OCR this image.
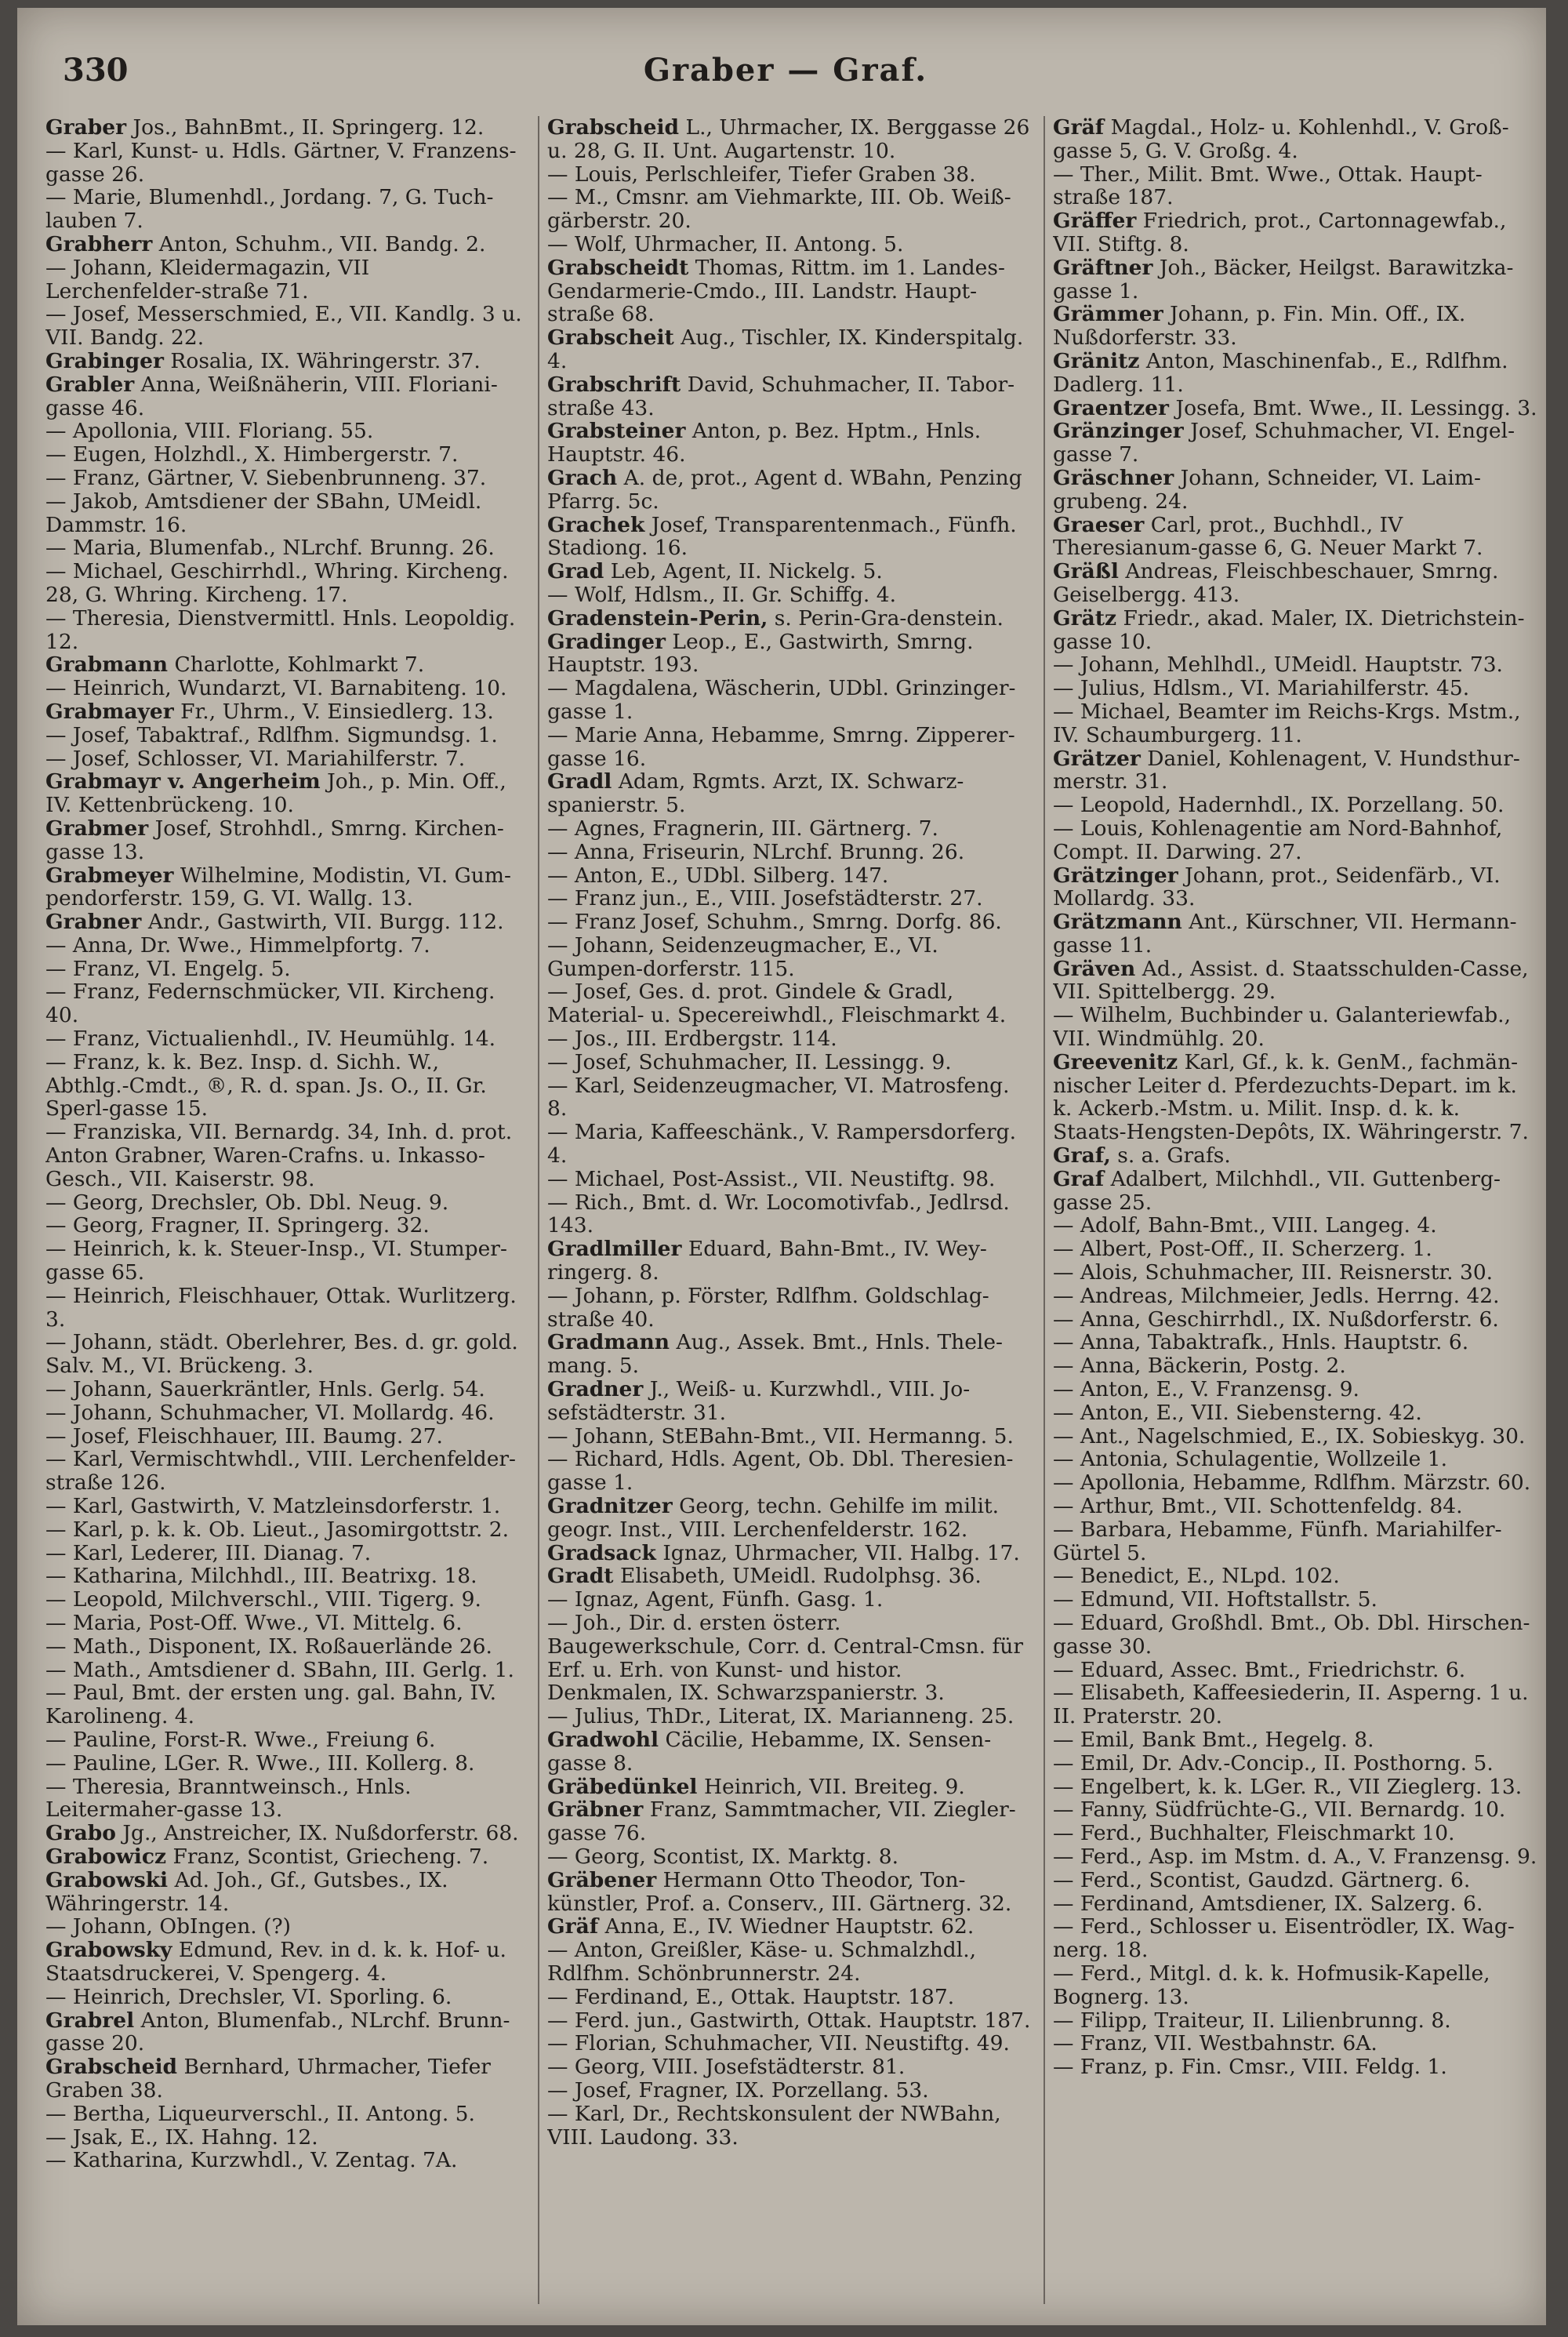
330	Graber — Graf.

Graber Jos., BahnBmt., II. Springerg. 12.

— Karl, Kunst- u. Hdls. Gärtner, V. Franzens-gasse 26.

— Marie, Blumenhdl., Jordang. 7, G. Tuch-lauben 7.

Grabherr Anton, Schuhm., VII. Bandg. 2.

— Johann, Kleidermagazin, VII Lerchenfelder-straße 71.

— Josef, Messerschmied, E., VII. Kandlg. 3 u. VII. Bandg. 22.

Grabinger Rosalia, IX. Währingerstr. 37.

Grabler Anna, Weißnäherin, VIII. Floriani-gasse 46.

— Apollonia, VIII. Floriang. 55.

— Eugen, Holzhdl., X. Himbergerstr. 7.

— Franz, Gärtner, V. Siebenbrunneng. 37.

— Jakob, Amtsdiener der SBahn, UMeidl. Dammstr. 16.

— Maria, Blumenfab., NLrchf. Brunng. 26.

— Michael, Geschirrhdl., Whring. Kircheng. 28, G. Whring. Kircheng. 17.

— Theresia, Dienstvermittl. Hnls. Leopoldig. 12.

Grabmann Charlotte, Kohlmarkt 7.

— Heinrich, Wundarzt, VI. Barnabiteng. 10.

Grabmayer Fr., Uhrm., V. Einsiedlerg. 13.

— Josef, Tabaktraf., Rdlfhm. Sigmundsg. 1.

— Josef, Schlosser, VI. Mariahilferstr. 7.

Grabmayr v. Angerheim Joh., p. Min. Off., IV. Kettenbrückeng. 10.

Grabmer Josef, Strohhdl., Smrng. Kirchen-gasse 13.

Grabmeyer Wilhelmine, Modistin, VI. Gum-pendorferstr. 159, G. VI. Wallg. 13.

Grabner Andr., Gastwirth, VII. Burgg. 112.

— Anna, Dr. Wwe., Himmelpfortg. 7.

— Franz, VI. Engelg. 5.

— Franz, Federnschmücker, VII. Kircheng. 40.

— Franz, Victualienhdl., IV. Heumühlg. 14.

— Franz, k. k. Bez. Insp. d. Sichh. W., Abthlg.-Cmdt., ®, R. d. span. Js. O., II. Gr. Sperl-gasse 15.

— Franziska, VII. Bernardg. 34, Inh. d. prot. Anton Grabner, Waren-Crafns. u. Inkasso-Gesch., VII. Kaiserstr. 98.

— Georg, Drechsler, Ob. Dbl. Neug. 9.

— Georg, Fragner, II. Springerg. 32.

— Heinrich, k. k. Steuer-Insp., VI. Stumper-gasse 65.

— Heinrich, Fleischhauer, Ottak. Wurlitzerg. 3.

— Johann, städt. Oberlehrer, Bes. d. gr. gold. Salv. M., VI. Brückeng. 3.

— Johann, Sauerkräntler, Hnls. Gerlg. 54.

— Johann, Schuhmacher, VI. Mollardg. 46.

— Josef, Fleischhauer, III. Baumg. 27.

— Karl, Vermischtwhdl., VIII. Lerchenfelder-straße 126.

— Karl, Gastwirth, V. Matzleinsdorferstr. 1.

— Karl, p. k. k. Ob. Lieut., Jasomirgottstr. 2.

— Karl, Lederer, III. Dianag. 7.

— Katharina, Milchhdl., III. Beatrixg. 18.

— Leopold, Milchverschl., VIII. Tigerg. 9.

— Maria, Post-Off. Wwe., VI. Mittelg. 6.

— Math., Disponent, IX. Roßauerlände 26.

— Math., Amtsdiener d. SBahn, III. Gerlg. 1.

— Paul, Bmt. der ersten ung. gal. Bahn, IV. Karolineng. 4.

— Pauline, Forst-R. Wwe., Freiung 6.

— Pauline, LGer. R. Wwe., III. Kollerg. 8.

— Theresia, Branntweinsch., Hnls. Leitermaher-gasse 13.

Grabo Jg., Anstreicher, IX. Nußdorferstr. 68.

Grabowicz Franz, Scontist, Griecheng. 7.

Grabowski Ad. Joh., Gf., Gutsbes., IX. Währingerstr. 14.

— Johann, ObIngen. (?)

Grabowsky Edmund, Rev. in d. k. k. Hof- u. Staatsdruckerei, V. Spengerg. 4.

— Heinrich, Drechsler, VI. Sporling. 6.

Grabrel Anton, Blumenfab., NLrchf. Brunn-gasse 20.

Grabscheid Bernhard, Uhrmacher, Tiefer Graben 38.

— Bertha, Liqueurverschl., II. Antong. 5.

— Jsak, E., IX. Hahng. 12.

— Katharina, Kurzwhdl., V. Zentag. 7A.

Grabscheid L., Uhrmacher, IX. Berggasse 26 u. 28, G. II. Unt. Augartenstr. 10.

— Louis, Perlschleifer, Tiefer Graben 38.

— M., Cmsnr. am Viehmarkte, III. Ob. Weiß-gärberstr. 20.

— Wolf, Uhrmacher, II. Antong. 5.

Grabscheidt Thomas, Rittm. im 1. Landes-Gendarmerie-Cmdo., III. Landstr. Haupt-straße 68.

Grabscheit Aug., Tischler, IX. Kinderspitalg. 4.

Grabschrift David, Schuhmacher, II. Tabor-straße 43.

Grabsteiner Anton, p. Bez. Hptm., Hnls. Hauptstr. 46.

Grach A. de, prot., Agent d. WBahn, Penzing Pfarrg. 5c.

Grachek Josef, Transparentenmach., Fünfh. Stadiong. 16.

Grad Leb, Agent, II. Nickelg. 5.

— Wolf, Hdlsm., II. Gr. Schiffg. 4.

Gradenstein-Perin, s. Perin-Gra-denstein.

Gradinger Leop., E., Gastwirth, Smrng. Hauptstr. 193.

— Magdalena, Wäscherin, UDbl. Grinzinger-gasse 1.

— Marie Anna, Hebamme, Smrng. Zipperer-gasse 16.

Gradl Adam, Rgmts. Arzt, IX. Schwarz-spanierstr. 5.

— Agnes, Fragnerin, III. Gärtnerg. 7.

— Anna, Friseurin, NLrchf. Brunng. 26.

— Anton, E., UDbl. Silberg. 147.

— Franz jun., E., VIII. Josefstädterstr. 27.

— Franz Josef, Schuhm., Smrng. Dorfg. 86.

— Johann, Seidenzeugmacher, E., VI. Gumpen-dorferstr. 115.

— Josef, Ges. d. prot. Gindele & Gradl, Material- u. Specereiwhdl., Fleischmarkt 4.

— Jos., III. Erdbergstr. 114.

— Josef, Schuhmacher, II. Lessingg. 9.

— Karl, Seidenzeugmacher, VI. Matrosfeng. 8.

— Maria, Kaffeeschänk., V. Rampersdorferg. 4.

— Michael, Post-Assist., VII. Neustiftg. 98.

— Rich., Bmt. d. Wr. Locomotivfab., Jedlrsd. 143.

Gradlmiller Eduard, Bahn-Bmt., IV. Wey-ringerg. 8.

— Johann, p. Förster, Rdlfhm. Goldschlag-straße 40.

Gradmann Aug., Assek. Bmt., Hnls. Thele-mang. 5.

Gradner J., Weiß- u. Kurzwhdl., VIII. Jo-sefstädterstr. 31.

— Johann, StEBahn-Bmt., VII. Hermanng. 5.

— Richard, Hdls. Agent, Ob. Dbl. Theresien-gasse 1.

Gradnitzer Georg, techn. Gehilfe im milit. geogr. Inst., VIII. Lerchenfelderstr. 162.

Gradsack Ignaz, Uhrmacher, VII. Halbg. 17.

Gradt Elisabeth, UMeidl. Rudolphsg. 36.

— Ignaz, Agent, Fünfh. Gasg. 1.

— Joh., Dir. d. ersten österr. Baugewerkschule, Corr. d. Central-Cmsn. für Erf. u. Erh. von Kunst- und histor. Denkmalen, IX. Schwarzspanierstr. 3.

— Julius, ThDr., Literat, IX. Marianneng. 25.

Gradwohl Cäcilie, Hebamme, IX. Sensen-gasse 8.

Gräbedünkel Heinrich, VII. Breiteg. 9.

Gräbner Franz, Sammtmacher, VII. Ziegler-gasse 76.

— Georg, Scontist, IX. Marktg. 8.

Gräbener Hermann Otto Theodor, Ton-künstler, Prof. a. Conserv., III. Gärtnerg. 32.

Gräf Anna, E., IV. Wiedner Hauptstr. 62.

— Anton, Greißler, Käse- u. Schmalzhdl., Rdlfhm. Schönbrunnerstr. 24.

— Ferdinand, E., Ottak. Hauptstr. 187.

— Ferd. jun., Gastwirth, Ottak. Hauptstr. 187.

— Florian, Schuhmacher, VII. Neustiftg. 49.

— Georg, VIII. Josefstädterstr. 81.

— Josef, Fragner, IX. Porzellang. 53.

— Karl, Dr., Rechtskonsulent der NWBahn, VIII. Laudong. 33.

Gräf Magdal., Holz- u. Kohlenhdl., V. Groß-gasse 5, G. V. Großg. 4.

— Ther., Milit. Bmt. Wwe., Ottak. Haupt-straße 187.

Gräffer Friedrich, prot., Cartonnagewfab., VII. Stiftg. 8.

Gräftner Joh., Bäcker, Heilgst. Barawitzka-gasse 1.

Grämmer Johann, p. Fin. Min. Off., IX. Nußdorferstr. 33.

Gränitz Anton, Maschinenfab., E., Rdlfhm. Dadlerg. 11.

Graentzer Josefa, Bmt. Wwe., II. Lessingg. 3.

Gränzinger Josef, Schuhmacher, VI. Engel-gasse 7.

Gräschner Johann, Schneider, VI. Laim-grubeng. 24.

Graeser Carl, prot., Buchhdl., IV Theresianum-gasse 6, G. Neuer Markt 7.

Gräßl Andreas, Fleischbeschauer, Smrng. Geiselbergg. 413.

Grätz Friedr., akad. Maler, IX. Dietrichstein-gasse 10.

— Johann, Mehlhdl., UMeidl. Hauptstr. 73.

— Julius, Hdlsm., VI. Mariahilferstr. 45.

— Michael, Beamter im Reichs-Krgs. Mstm., IV. Schaumburgerg. 11.

Grätzer Daniel, Kohlenagent, V. Hundsthur-merstr. 31.

— Leopold, Hadernhdl., IX. Porzellang. 50.

— Louis, Kohlenagentie am Nord-Bahnhof, Compt. II. Darwing. 27.

Grätzinger Johann, prot., Seidenfärb., VI. Mollardg. 33.

Grätzmann Ant., Kürschner, VII. Hermann-gasse 11.

Gräven Ad., Assist. d. Staatsschulden-Casse, VII. Spittelbergg. 29.

— Wilhelm, Buchbinder u. Galanteriewfab., VII. Windmühlg. 20.

Greevenitz Karl, Gf., k. k. GenM., fachmän-nischer Leiter d. Pferdezuchts-Depart. im k. k. Ackerb.-Mstm. u. Milit. Insp. d. k. k. Staats-Hengsten-Depôts, IX. Währingerstr. 7.

Graf, s. a. Grafs.

Graf Adalbert, Milchhdl., VII. Guttenberg-gasse 25.

— Adolf, Bahn-Bmt., VIII. Langeg. 4.

— Albert, Post-Off., II. Scherzerg. 1.

— Alois, Schuhmacher, III. Reisnerstr. 30.

— Andreas, Milchmeier, Jedls. Herrng. 42.

— Anna, Geschirrhdl., IX. Nußdorferstr. 6.

— Anna, Tabaktrafk., Hnls. Hauptstr. 6.

— Anna, Bäckerin, Postg. 2.

— Anton, E., V. Franzensg. 9.

— Anton, E., VII. Siebensterng. 42.

— Ant., Nagelschmied, E., IX. Sobieskyg. 30.

— Antonia, Schulagentie, Wollzeile 1.

— Apollonia, Hebamme, Rdlfhm. Märzstr. 60.

— Arthur, Bmt., VII. Schottenfeldg. 84.

— Barbara, Hebamme, Fünfh. Mariahilfer-Gürtel 5.

— Benedict, E., NLpd. 102.

— Edmund, VII. Hoftstallstr. 5.

— Eduard, Großhdl. Bmt., Ob. Dbl. Hirschen-gasse 30.

— Eduard, Assec. Bmt., Friedrichstr. 6.

— Elisabeth, Kaffeesiederin, II. Asperng. 1 u. II. Praterstr. 20.

— Emil, Bank Bmt., Hegelg. 8.

— Emil, Dr. Adv.-Concip., II. Posthorng. 5.

— Engelbert, k. k. LGer. R., VII Zieglerg. 13.

— Fanny, Südfrüchte-G., VII. Bernardg. 10.

— Ferd., Buchhalter, Fleischmarkt 10.

— Ferd., Asp. im Mstm. d. A., V. Franzensg. 9.

— Ferd., Scontist, Gaudzd. Gärtnerg. 6.

— Ferdinand, Amtsdiener, IX. Salzerg. 6.

— Ferd., Schlosser u. Eisentrödler, IX. Wag-nerg. 18.

— Ferd., Mitgl. d. k. k. Hofmusik-Kapelle, Bognerg. 13.

— Filipp, Traiteur, II. Lilienbrunng. 8.

— Franz, VII. Westbahnstr. 6A.

— Franz, p. Fin. Cmsr., VIII. Feldg. 1.
